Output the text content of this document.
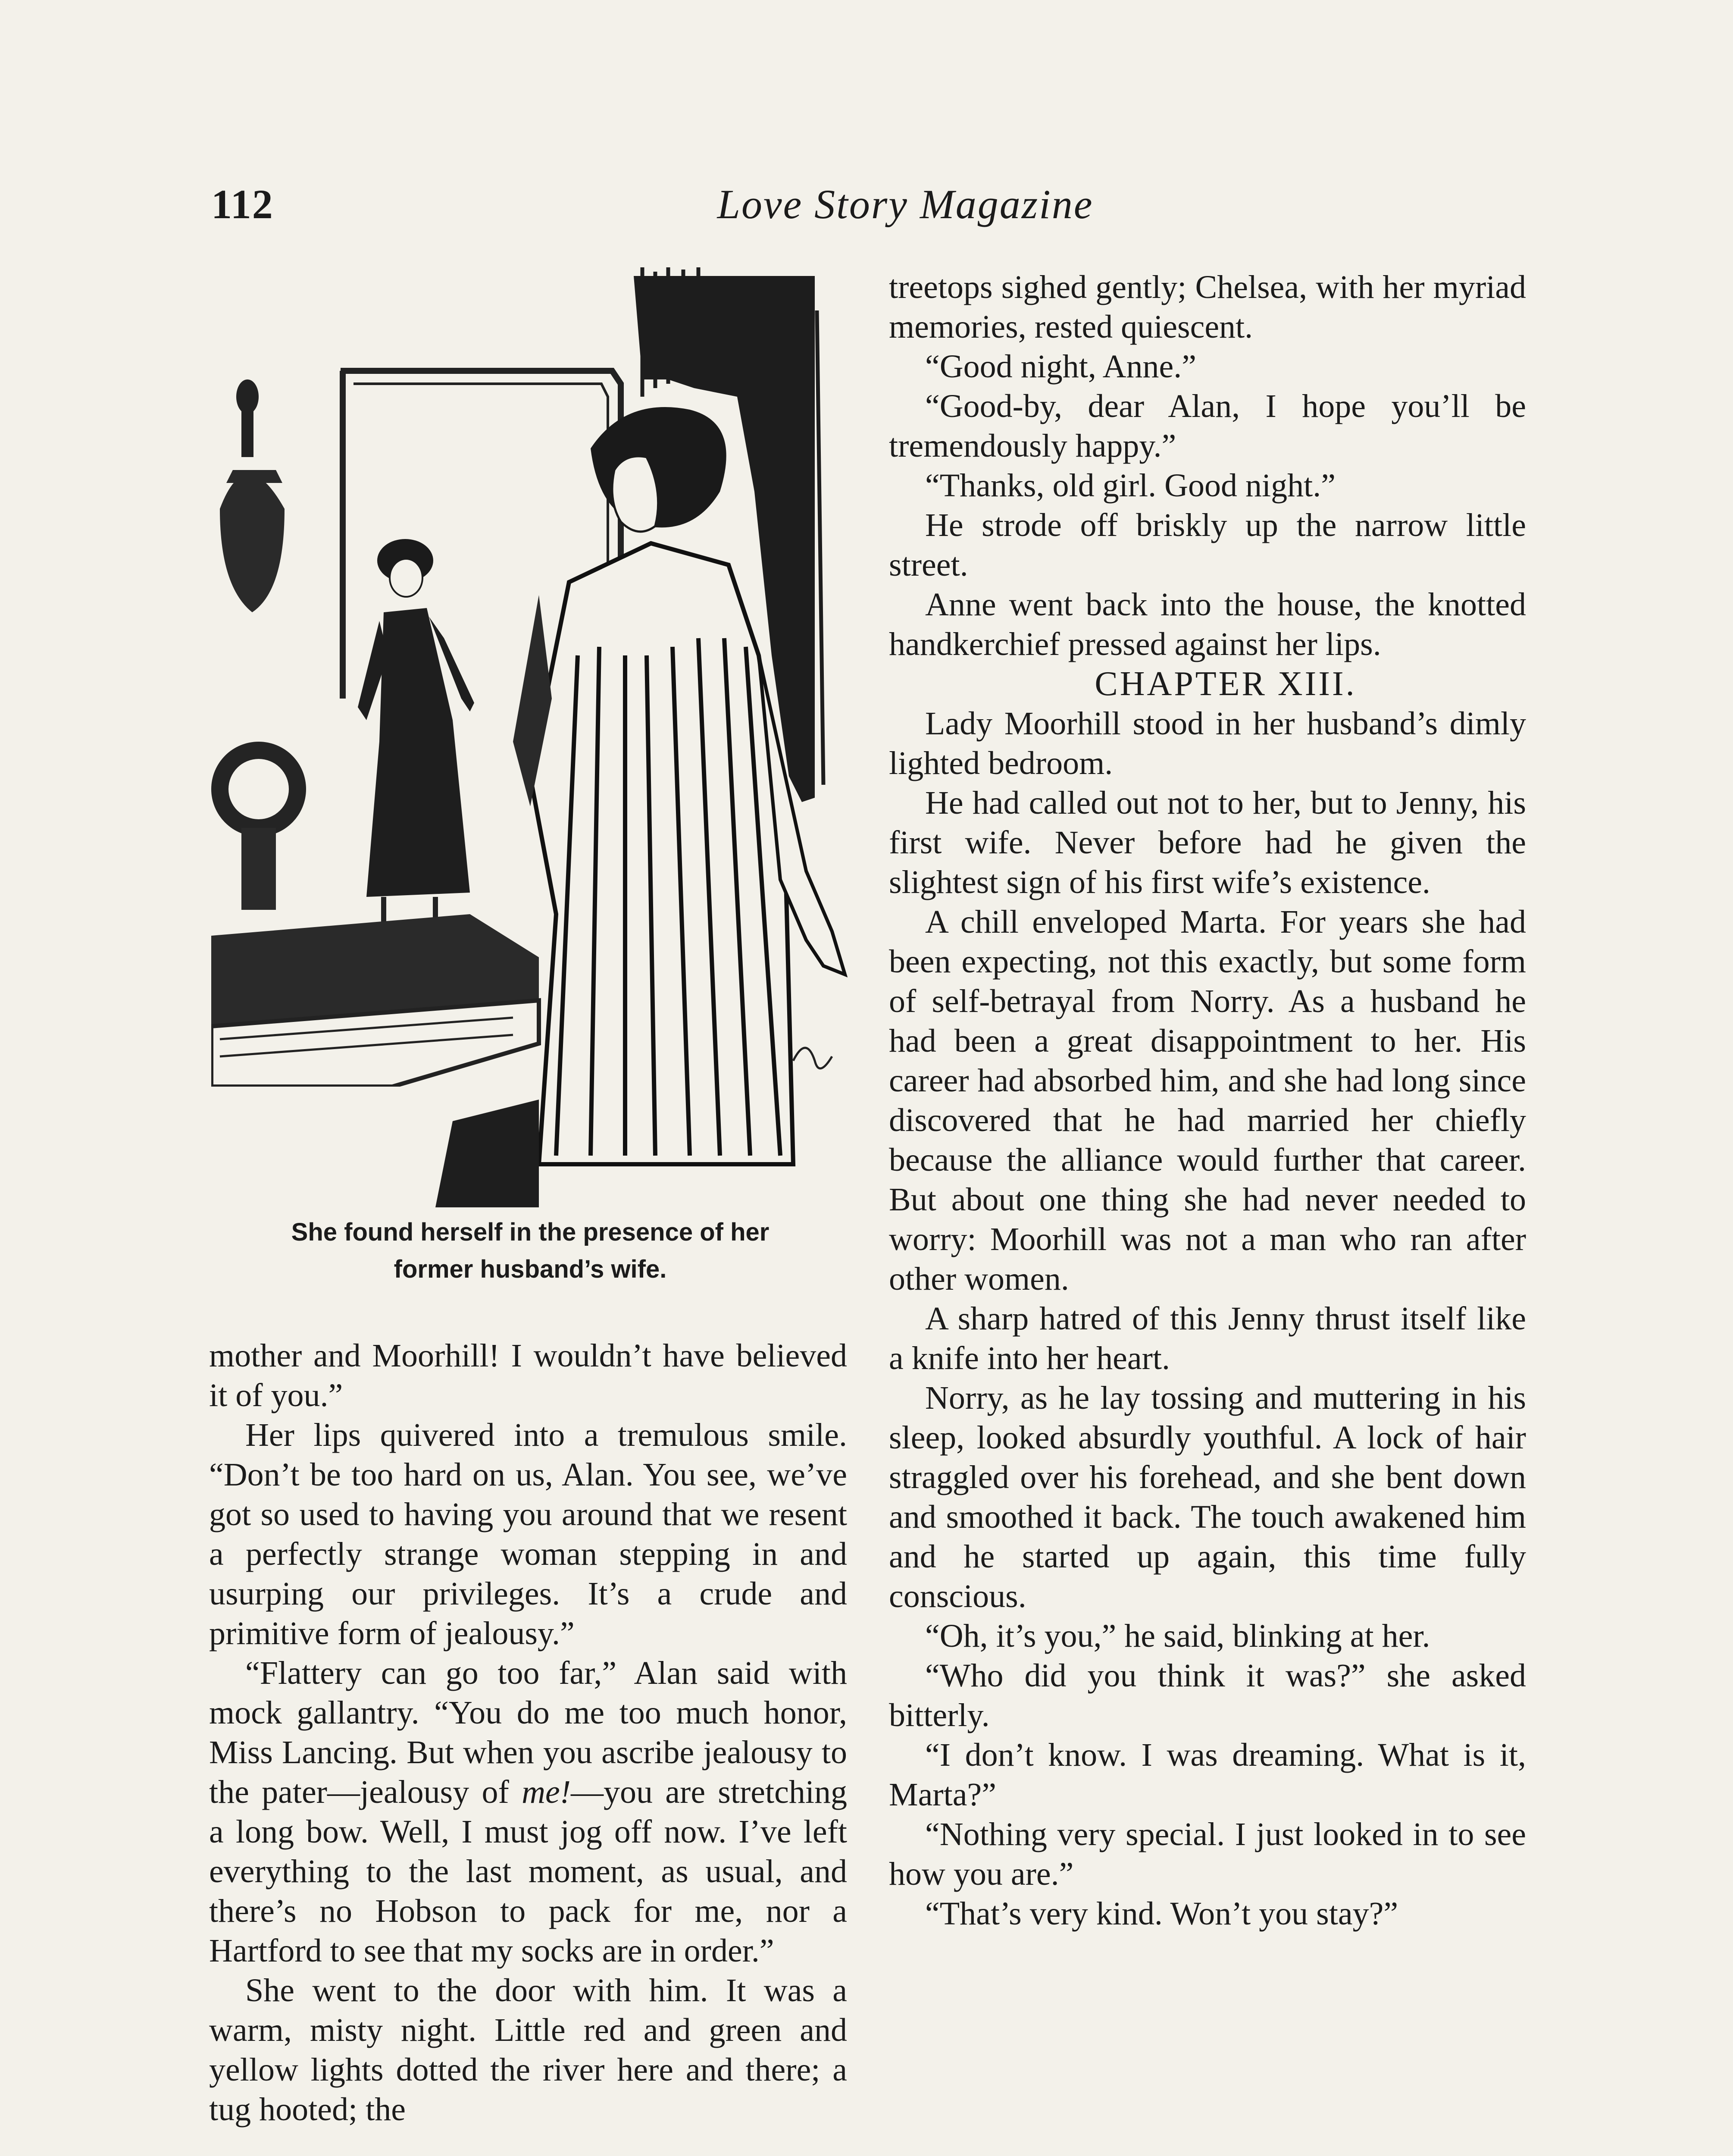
112	Love Story Magazine
She found herself in the presence of her
former husband’s wife.

mother and Moorhill! I wouldn’t have believed it of you.”

Her lips quivered into a tremulous smile. “Don’t be too hard on us, Alan. You see, we’ve got so used to having you around that we resent a perfectly strange woman stepping in and usurping our privileges. It’s a crude and primitive form of jealousy.”

“Flattery can go too far,” Alan said with mock gallantry. “You do me too much honor, Miss Lancing. But when you ascribe jealousy to the pater—jealousy of me!—you are stretching a long bow. Well, I must jog off now. I’ve left everything to the last moment, as usual, and there’s no Hobson to pack for me, nor a Hartford to see that my socks are in order.”

She went to the door with him. It was a warm, misty night. Little red and green and yellow lights dotted the river here and there; a tug hooted; the

treetops sighed gently; Chelsea, with her myriad memories, rested quiescent.

“Good night, Anne.”

“Good-by, dear Alan, I hope you’ll be tremendously happy.”

“Thanks, old girl. Good night.”

He strode off briskly up the narrow little street.

Anne went back into the house, the knotted handkerchief pressed against her lips.

CHAPTER XIII.

Lady Moorhill stood in her husband’s dimly lighted bedroom.

He had called out not to her, but to Jenny, his first wife. Never before had he given the slightest sign of his first wife’s existence.

A chill enveloped Marta. For years she had been expecting, not this exactly, but some form of self-betrayal from Norry. As a husband he had been a great disappointment to her. His career had absorbed him, and she had long since discovered that he had married her chiefly because the alliance would further that career. But about one thing she had never needed to worry: Moorhill was not a man who ran after other women.

A sharp hatred of this Jenny thrust itself like a knife into her heart.

Norry, as he lay tossing and muttering in his sleep, looked absurdly youthful. A lock of hair straggled over his forehead, and she bent down and smoothed it back. The touch awakened him and he started up again, this time fully conscious.

“Oh, it’s you,” he said, blinking at her.

“Who did you think it was?” she asked bitterly.

“I don’t know. I was dreaming. What is it, Marta?”

“Nothing very special. I just looked in to see how you are.”

“That’s very kind. Won’t you stay?”
